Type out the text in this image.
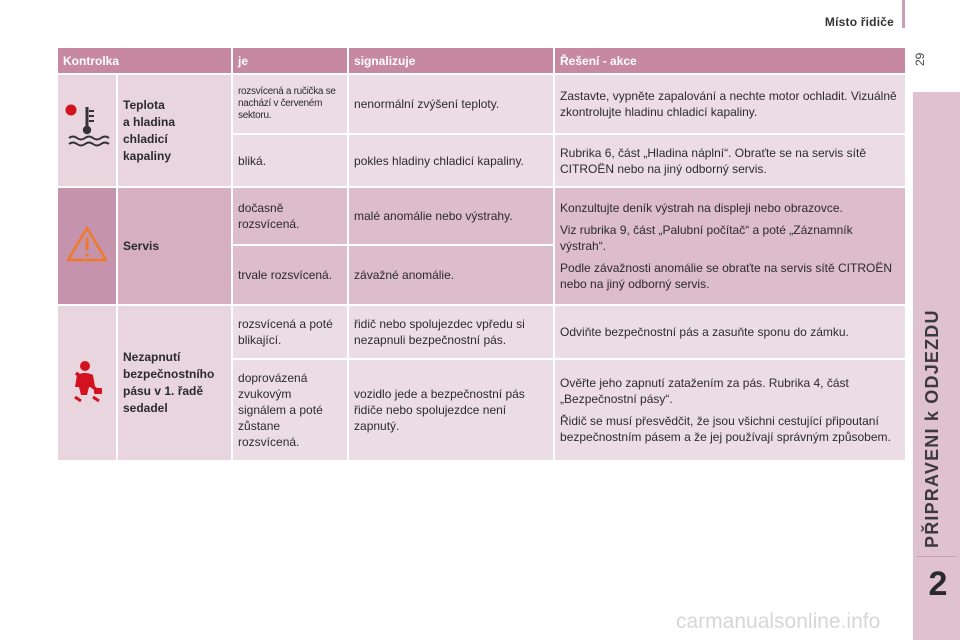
Místo řidiče
29
PŘIPRAVENI k ODJEZDU
2
Kontrolka		je	signalizuje	Řešení - akce
	Teplota
a hladina
chladicí
kapaliny	rozsvícená a ručička se nachází v červeném sektoru.	nenormální zvýšení teploty.	Zastavte, vypněte zapalování a nechte motor ochladit. Vizuálně zkontrolujte hladinu chladicí kapaliny.
		bliká.	pokles hladiny chladicí kapaliny.	Rubrika 6, část „Hladina náplní“. Obraťte se na servis sítě CITROËN nebo na jiný odborný servis.
	Servis	dočasně rozsvícená.	malé anomálie nebo výstrahy.	Konzultujte deník výstrah na displeji nebo obrazovce.
Viz rubrika 9, část „Palubní počítač“ a poté „Záznamník výstrah“.
Podle závažnosti anomálie se obraťte na servis sítě CITROËN nebo na jiný odborný servis.

		trvale rozsvícená.	závažné anomálie.	
	Nezapnutí
bezpečnostního
pásu v 1. řadě
sedadel	rozsvícená a poté blikající.	řidič nebo spolujezdec vpředu si nezapnuli bezpečnostní pás.	Odviňte bezpečnostní pás a zasuňte sponu do zámku.
		doprovázená zvukovým signálem a poté zůstane rozsvícená.	vozidlo jede a bezpečnostní pás řidiče nebo spolujezdce není zapnutý.	Ověřte jeho zapnutí zatažením za pás. Rubrika 4, část „Bezpečnostní pásy“.
Řidič se musí přesvědčit, že jsou všichni cestující připoutaní bezpečnostním pásem a že jej používají správným způsobem.
carmanualsonline.info
